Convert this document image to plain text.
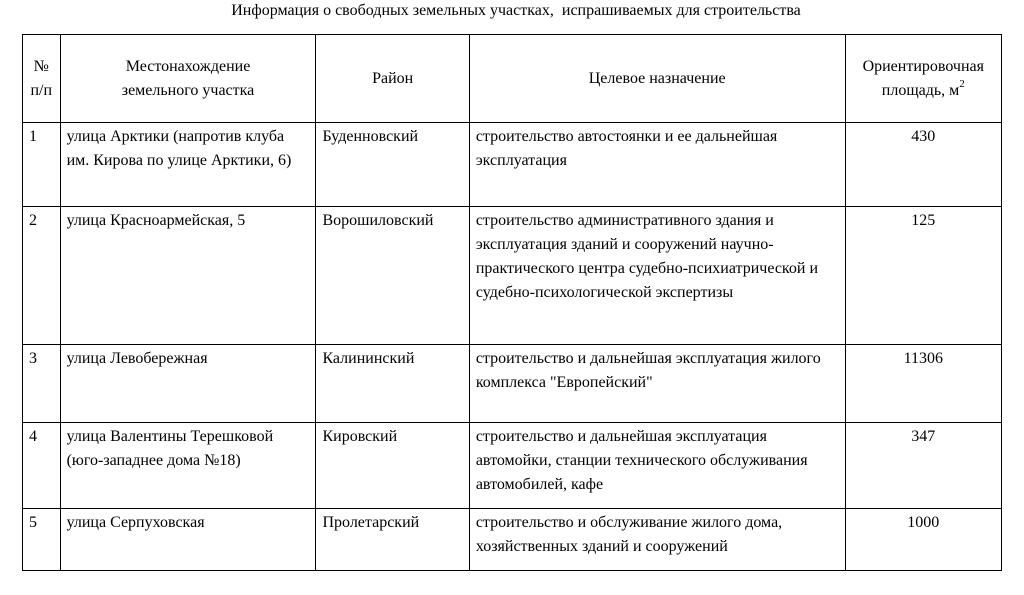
Информация о свободных земельных участках,  испрашиваемых для строительства
№ п/п	Местонахождение земельного участка	Район	Целевое назначение	Ориентировочная площадь, $м^2$
1	улица Арктики (напротив клуба им. Кирова по улице Арктики, 6)	Буденновский	строительство автостоянки и ее дальнейшая эксплуатация	430
2	улица Красноармейская, 5	Ворошиловский	строительство административного здания и эксплуатация зданий и сооружений научно-практического центра судебно-психиатрической и судебно-психологической экспертизы	125
3	улица Левобережная	Калининский	строительство и дальнейшая эксплуатация жилого комплекса "Европейский"	11306
4	улица Валентины Терешковой (юго-западнее дома №18)	Кировский	строительство и дальнейшая эксплуатация автомойки, станции технического обслуживания автомобилей, кафе	347
5	улица Серпуховская	Пролетарский	строительство и обслуживание жилого дома, хозяйственных зданий и сооружений	1000
